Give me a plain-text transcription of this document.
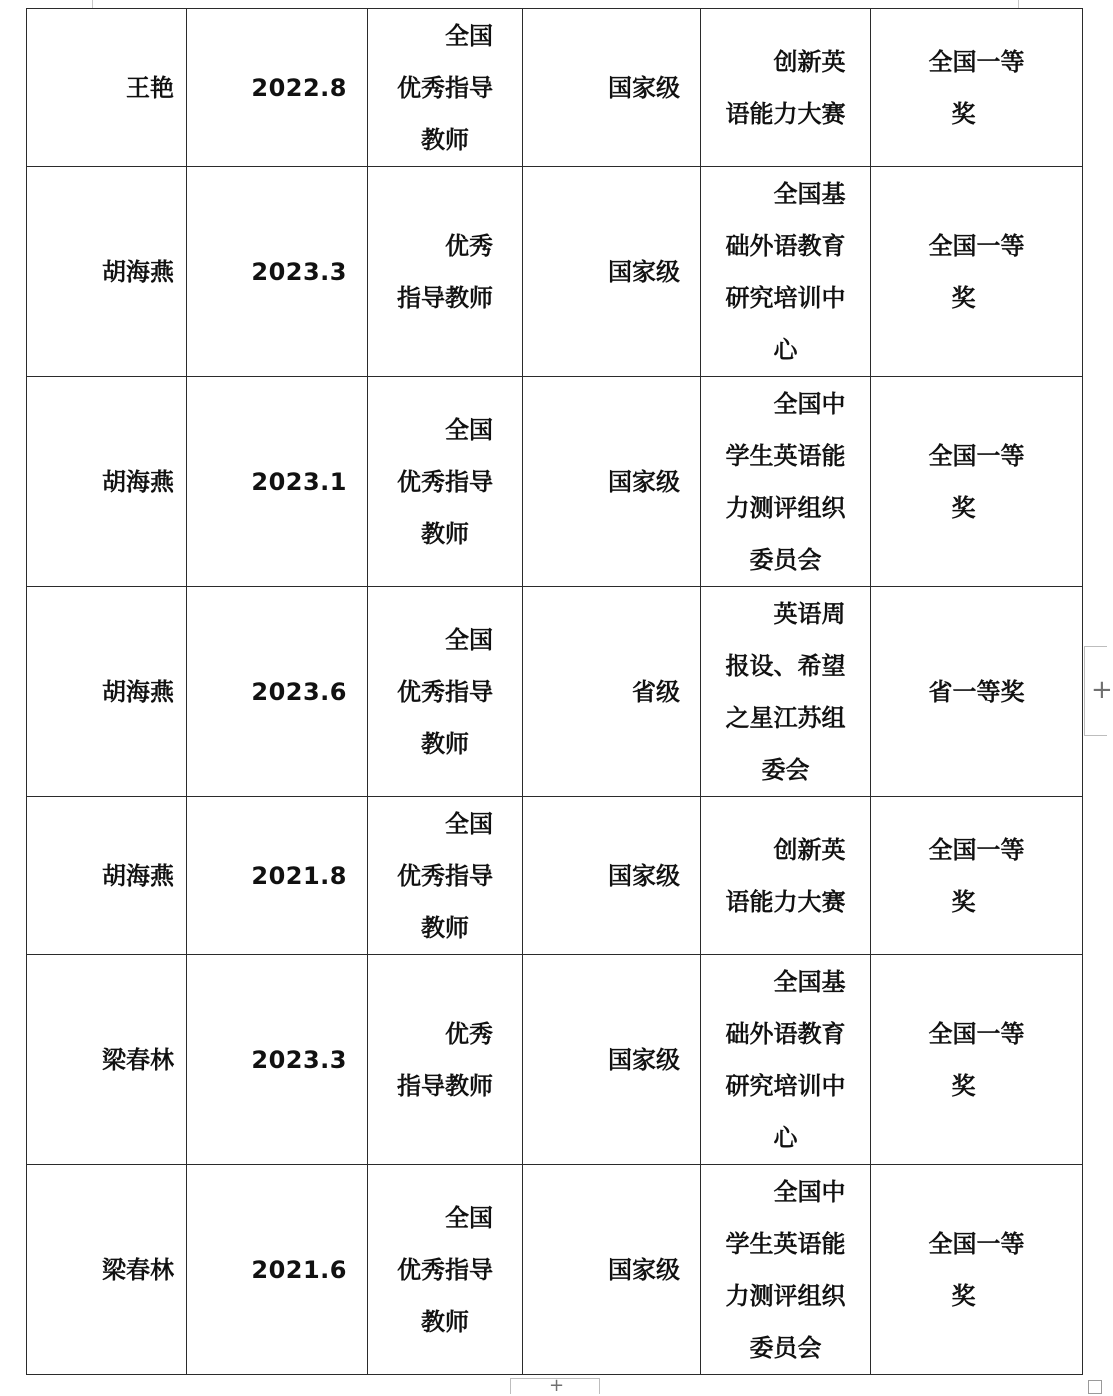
王艳	2022.8	全国
优秀指导
教师	国家级	创新英
语能力大赛	全国一等
奖

胡海燕	2023.3	优秀
指导教师	国家级	全国基
础外语教育
研究培训中
心	全国一等
奖

胡海燕	2023.1	全国
优秀指导
教师	国家级	全国中
学生英语能
力测评组织
委员会	全国一等
奖

胡海燕	2023.6	全国
优秀指导
教师	省级	英语周
报设、希望
之星江苏组
委会	省一等奖

胡海燕	2021.8	全国
优秀指导
教师	国家级	创新英
语能力大赛	全国一等
奖

梁春林	2023.3	优秀
指导教师	国家级	全国基
础外语教育
研究培训中
心	全国一等
奖

梁春林	2021.6	全国
优秀指导
教师	国家级	全国中
学生英语能
力测评组织
委员会	全国一等
奖
+
+
